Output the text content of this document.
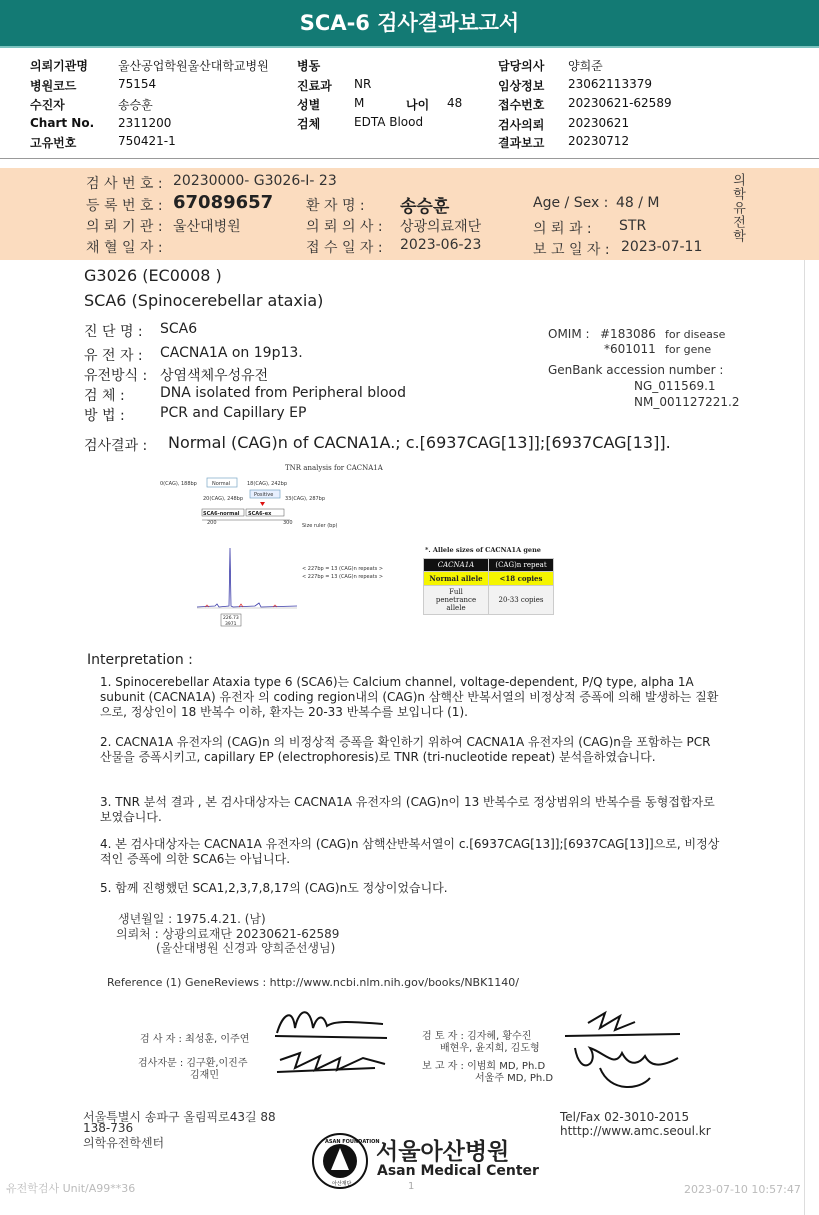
SCA-6 검사결과보고서
의뢰기관명	울산공업학원울산대학교병원
병원코드	75154
수진자	송승훈
Chart No. 2311200
고유번호	750421-1
병동
진료과 NR
성별	M	나이 48
검체	EDTA Blood
담당의사 양희준
임상정보 23062113379
접수번호 20230621-62589
검사의뢰 20230621
결과보고 20230712
검 사 번 호 : 20230000- G3026-I- 23
등 록 번 호 : 67089657 환 자 명 : 송승훈	Age / Sex : 48 / M
의 뢰 기 관 : 울산대병원	의 뢰 의 사 : 상광의료재단	의 뢰 과 : STR
채 혈 일 자 :	접 수 일 자 : 2023-06-23	보 고 일 자 : 2023-07-11
의학유전학
G3026 (EC0008 )
SCA6 (Spinocerebellar ataxia)
진 단 명 : SCA6
유 전 자 : CACNA1A on 19p13.
유전방식 : 상염색체우성유전
검 체 :	DNA isolated from Peripheral blood
방 법 :	PCR and Capillary EP
OMIM : #183086 for disease
*601011 for gene
GenBank accession number :
NG_011569.1
NM_001127221.2
검사결과 : Normal (CAG)n of CACNA1A.; c.[6937CAG[13]];[6937CAG[13]].
TNR analysis for CACNA1A
0(CAG), 188bp	Normal	18(CAG), 242bp
20(CAG), 248bp
Positive
33(CAG), 287bp
SCA6-normal SCA6-ex
200	300 Size ruler (bp)
< 227bp = 13 (CAG)n repeats >
< 227bp = 13 (CAG)n repeats >
226.73
3971
*. Allele sizes of CACNA1A gene
CACNA1A	(CAG)n repeat
Normal allele	<18 copies
Full penetrance allele	20-33 copies
Interpretation :
1. Spinocerebellar Ataxia type 6 (SCA6)는 Calcium channel, voltage-dependent, P/Q type, alpha 1A subunit (CACNA1A) 유전자 의 coding region내의 (CAG)n 삼핵산 반복서열의 비정상적 증폭에 의해 발생하는 질환으로, 정상인이 18 반복수 이하, 환자는 20-33 반복수를 보입니다 (1).
2. CACNA1A 유전자의 (CAG)n 의 비정상적 증폭을 확인하기 위하여 CACNA1A 유전자의 (CAG)n을 포함하는 PCR 산물을 증폭시키고, capillary EP (electrophoresis)로 TNR (tri-nucleotide repeat) 분석을하였습니다.
3. TNR 분석 결과 , 본 검사대상자는 CACNA1A 유전자의 (CAG)n이 13 반복수로 정상범위의 반복수를 동형접합자로 보였습니다.
4. 본 검사대상자는 CACNA1A 유전자의 (CAG)n 삼핵산반복서열이 c.[6937CAG[13]];[6937CAG[13]]으로, 비정상적인 증폭에 의한 SCA6는 아닙니다.
5. 함께 진행했던 SCA1,2,3,7,8,17의 (CAG)n도 정상이었습니다.
생년월일 : 1975.4.21. (남)
의뢰처 : 상광의료재단 20230621-62589
(울산대병원 신경과 양희준선생님)
Reference (1) GeneReviews : http://www.ncbi.nlm.nih.gov/books/NBK1140/
검 사 자 : 최성훈, 이주연
검사자문 : 김구환,이진주
김재민
검 토 자 : 김자혜, 황수진
배현우, 윤지희, 김도형
보 고 자 : 이범희 MD, Ph.D
서울주 MD, Ph.D
서울특별시 송파구 올림픽로43길 88
138-736
의학유전학센터
Tel/Fax 02-3010-2015
htttp://www.amc.seoul.kr
ASAN FOUNDATION
아산재단
서울아산병원
Asan Medical Center
유전학검사 Unit/A99**36	1	2023-07-10 10:57:47
